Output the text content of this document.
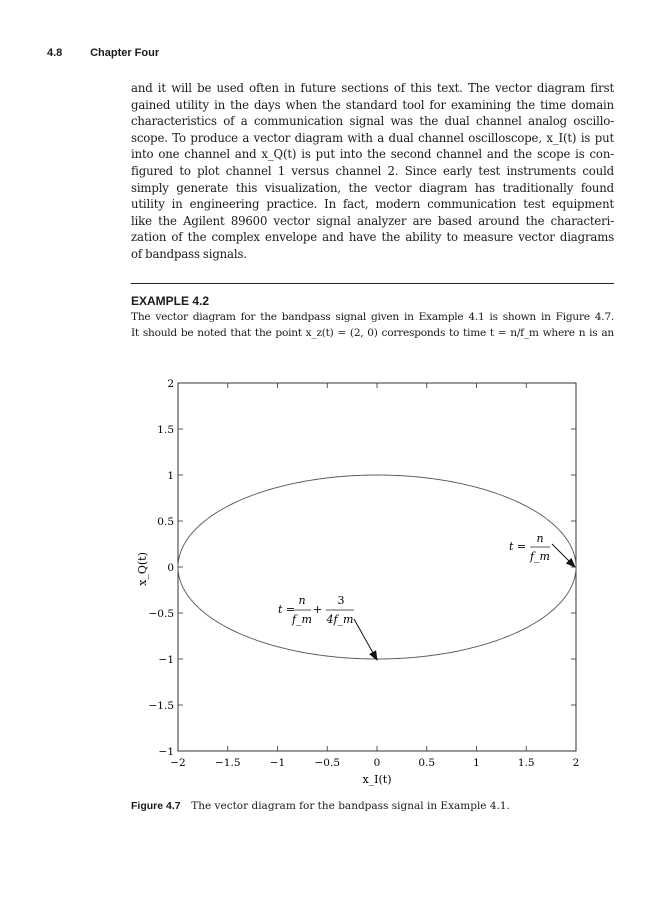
4.8	Chapter Four
and it will be used often in future sections of this text. The vector diagram first
gained utility in the days when the standard tool for examining the time domain
characteristics of a communication signal was the dual channel analog oscillo-
scope. To produce a vector diagram with a dual channel oscilloscope, x_I(t) is put
into one channel and x_Q(t) is put into the second channel and the scope is con-
figured to plot channel 1 versus channel 2. Since early test instruments could
simply generate this visualization, the vector diagram has traditionally found
utility in engineering practice. In fact, modern communication test equipment
like the Agilent 89600 vector signal analyzer are based around the characteri-
zation of the complex envelope and have the ability to measure vector diagrams
of bandpass signals.
EXAMPLE 4.2
The vector diagram for the bandpass signal given in Example 4.1 is shown in Figure 4.7.
It should be noted that the point x_z(t) = (2, 0) corresponds to time t = n/f_m where n is an
−2	−1.5	−1	−0.5	0	0.5	1	1.5	2
2
1.5
1
0.5
0
−0.5
−1
−1.5
−1
x_I(t)
x_Q(t)
t =
n
f_m
t =
n
f_m
+
3
4f_m
Figure 4.7 The vector diagram for the bandpass signal in Example 4.1.
